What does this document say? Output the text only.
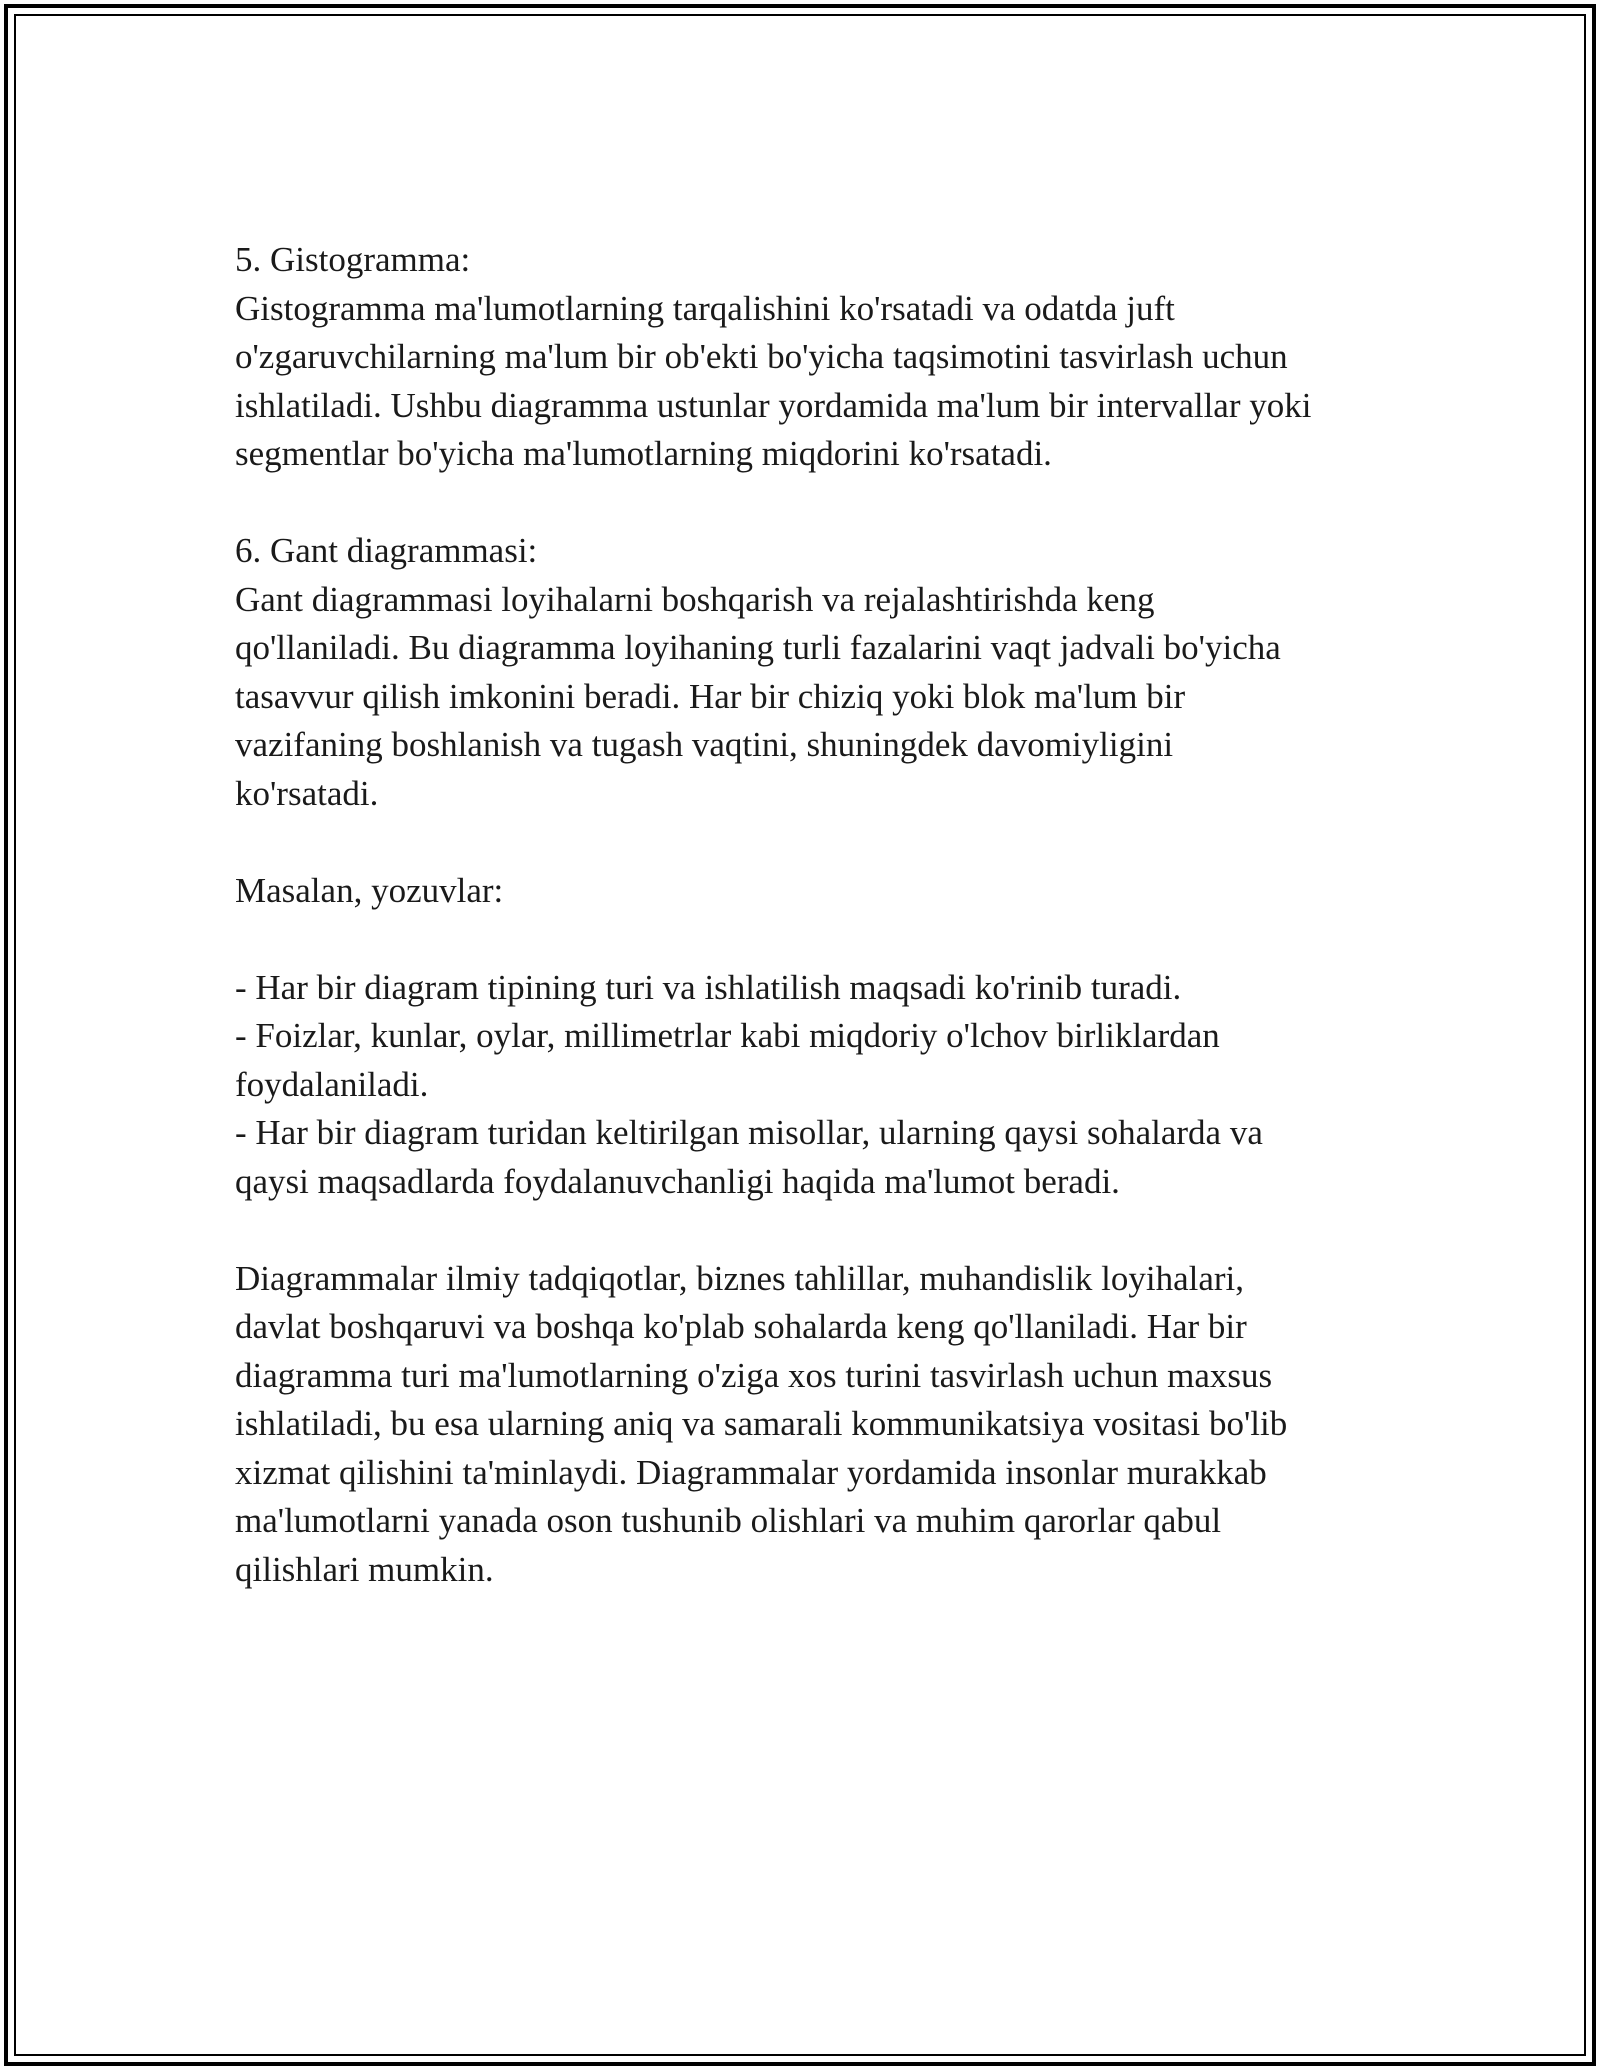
5. Gistogramma:

Gistogramma ma'lumotlarning tarqalishini ko'rsatadi va odatda juft
o'zgaruvchilarning ma'lum bir ob'ekti bo'yicha taqsimotini tasvirlash uchun
ishlatiladi. Ushbu diagramma ustunlar yordamida ma'lum bir intervallar yoki
segmentlar bo'yicha ma'lumotlarning miqdorini ko'rsatadi.

6. Gant diagrammasi:

Gant diagrammasi loyihalarni boshqarish va rejalashtirishda keng
qo'llaniladi. Bu diagramma loyihaning turli fazalarini vaqt jadvali bo'yicha
tasavvur qilish imkonini beradi. Har bir chiziq yoki blok ma'lum bir
vazifaning boshlanish va tugash vaqtini, shuningdek davomiyligini
ko'rsatadi.

Masalan, yozuvlar:

- Har bir diagram tipining turi va ishlatilish maqsadi ko'rinib turadi.

- Foizlar, kunlar, oylar, millimetrlar kabi miqdoriy o'lchov birliklardan
foydalaniladi.

- Har bir diagram turidan keltirilgan misollar, ularning qaysi sohalarda va
qaysi maqsadlarda foydalanuvchanligi haqida ma'lumot beradi.

Diagrammalar ilmiy tadqiqotlar, biznes tahlillar, muhandislik loyihalari,
davlat boshqaruvi va boshqa ko'plab sohalarda keng qo'llaniladi. Har bir
diagramma turi ma'lumotlarning o'ziga xos turini tasvirlash uchun maxsus
ishlatiladi, bu esa ularning aniq va samarali kommunikatsiya vositasi bo'lib
xizmat qilishini ta'minlaydi. Diagrammalar yordamida insonlar murakkab
ma'lumotlarni yanada oson tushunib olishlari va muhim qarorlar qabul
qilishlari mumkin.
